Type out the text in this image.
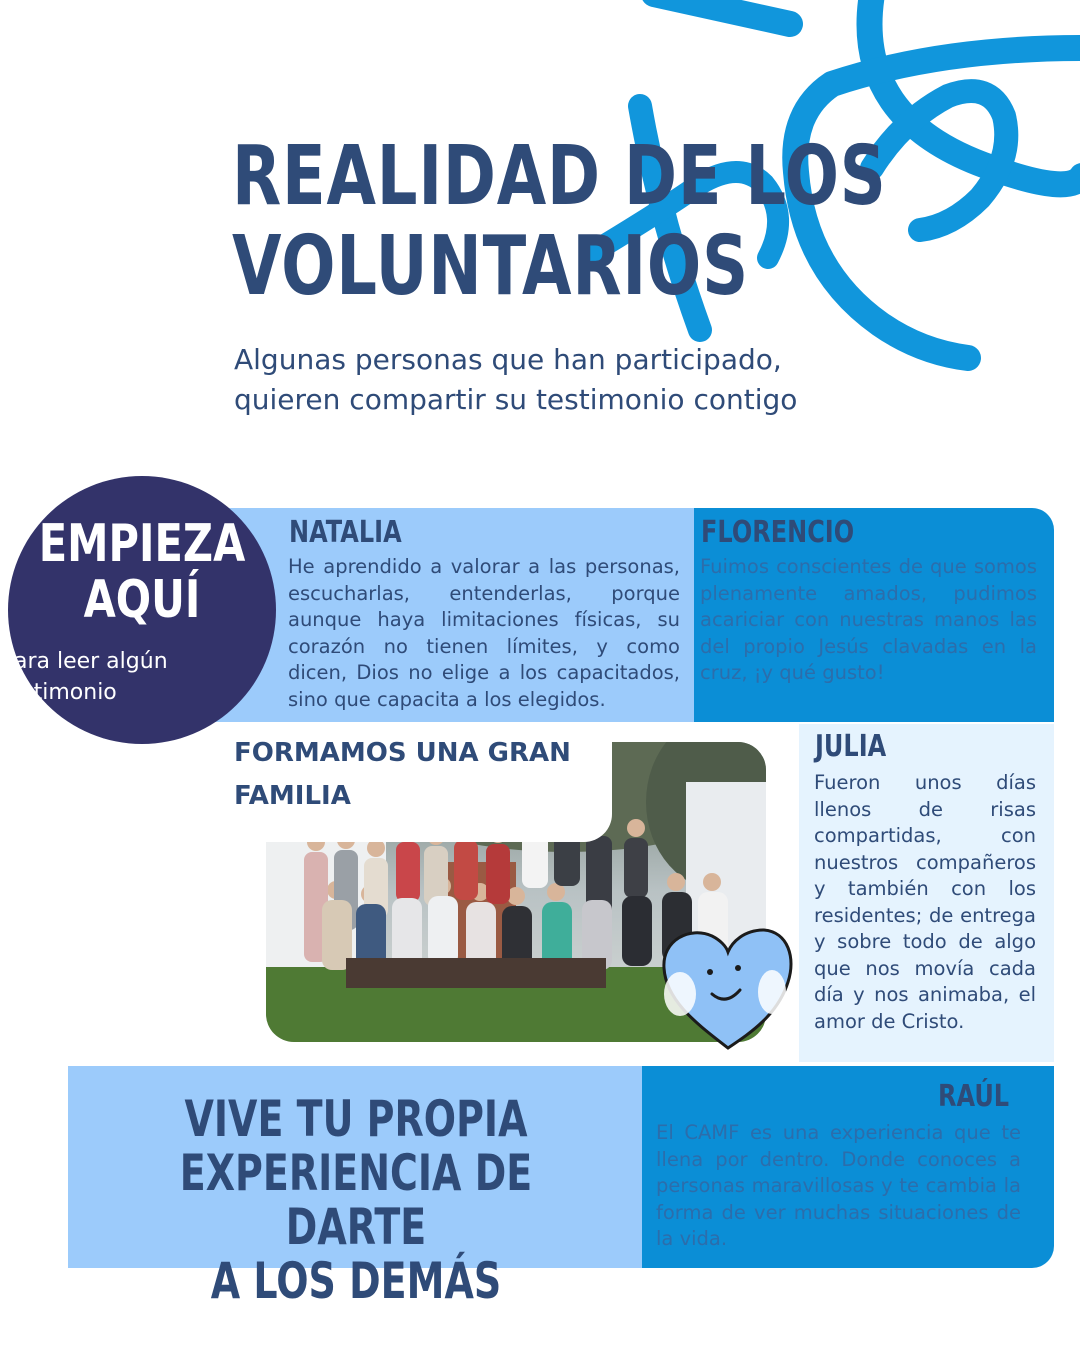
REALIDAD DE LOS
VOLUNTARIOS
Algunas personas que han participado,
quieren compartir su testimonio contigo
NATALIA
He aprendido a valorar a las personas, escucharlas, entenderlas, porque aunque haya limitaciones físicas, su corazón no tienen límites, y como dicen, Dios no elige a los capacitados, sino que capacita a los elegidos.
FLORENCIO
Fuimos conscientes de que somos plenamente amados, pudimos acariciar con nuestras manos las del propio Jesús clavadas en la cruz, ¡y qué gusto!
JULIA
Fueron unos días llenos de risas compartidas, con nuestros compañeros y también con los residentes; de entrega y sobre todo de algo que nos movía cada día y nos animaba, el amor de Cristo.
RAÚL
El CAMF es una experiencia que te llena por dentro. Donde conoces a personas maravillosas y te cambia la forma de ver muchas situaciones de la vida.
EMPIEZA
AQUÍ
para leer algún
testimonio
FORMAMOS UNA GRAN
FAMILIA
VIVE TU PROPIA
EXPERIENCIA DE DARTE
A LOS DEMÁS
